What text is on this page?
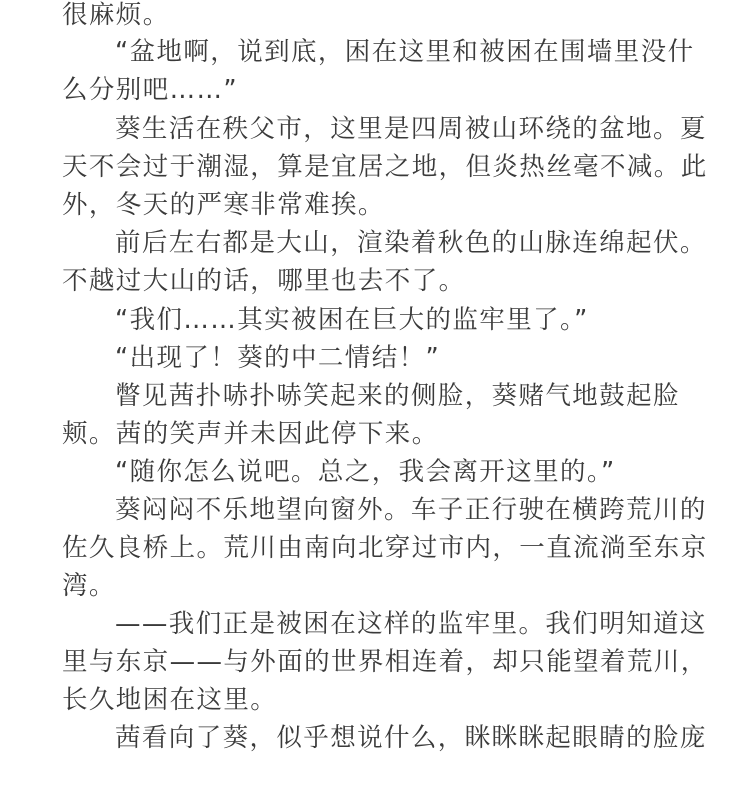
很麻烦。
“盆地啊，说到底，困在这里和被困在围墙里没什
么分别吧……”
葵生活在秩父市，这里是四周被山环绕的盆地。夏
天不会过于潮湿，算是宜居之地，但炎热丝毫不减。此
外，冬天的严寒非常难挨。
前后左右都是大山，渲染着秋色的山脉连绵起伏。
不越过大山的话，哪里也去不了。
“我们……其实被困在巨大的监牢里了。”
“出现了！葵的中二情结！”
瞥见茜扑哧扑哧笑起来的侧脸，葵赌气地鼓起脸
颊。茜的笑声并未因此停下来。
“随你怎么说吧。总之，我会离开这里的。”
葵闷闷不乐地望向窗外。车子正行驶在横跨荒川的
佐久良桥上。荒川由南向北穿过市内，一直流淌至东京
湾。
——我们正是被困在这样的监牢里。我们明知道这
里与东京——与外面的世界相连着，却只能望着荒川，
长久地困在这里。
茜看向了葵，似乎想说什么，眯眯眯起眼睛的脸庞
